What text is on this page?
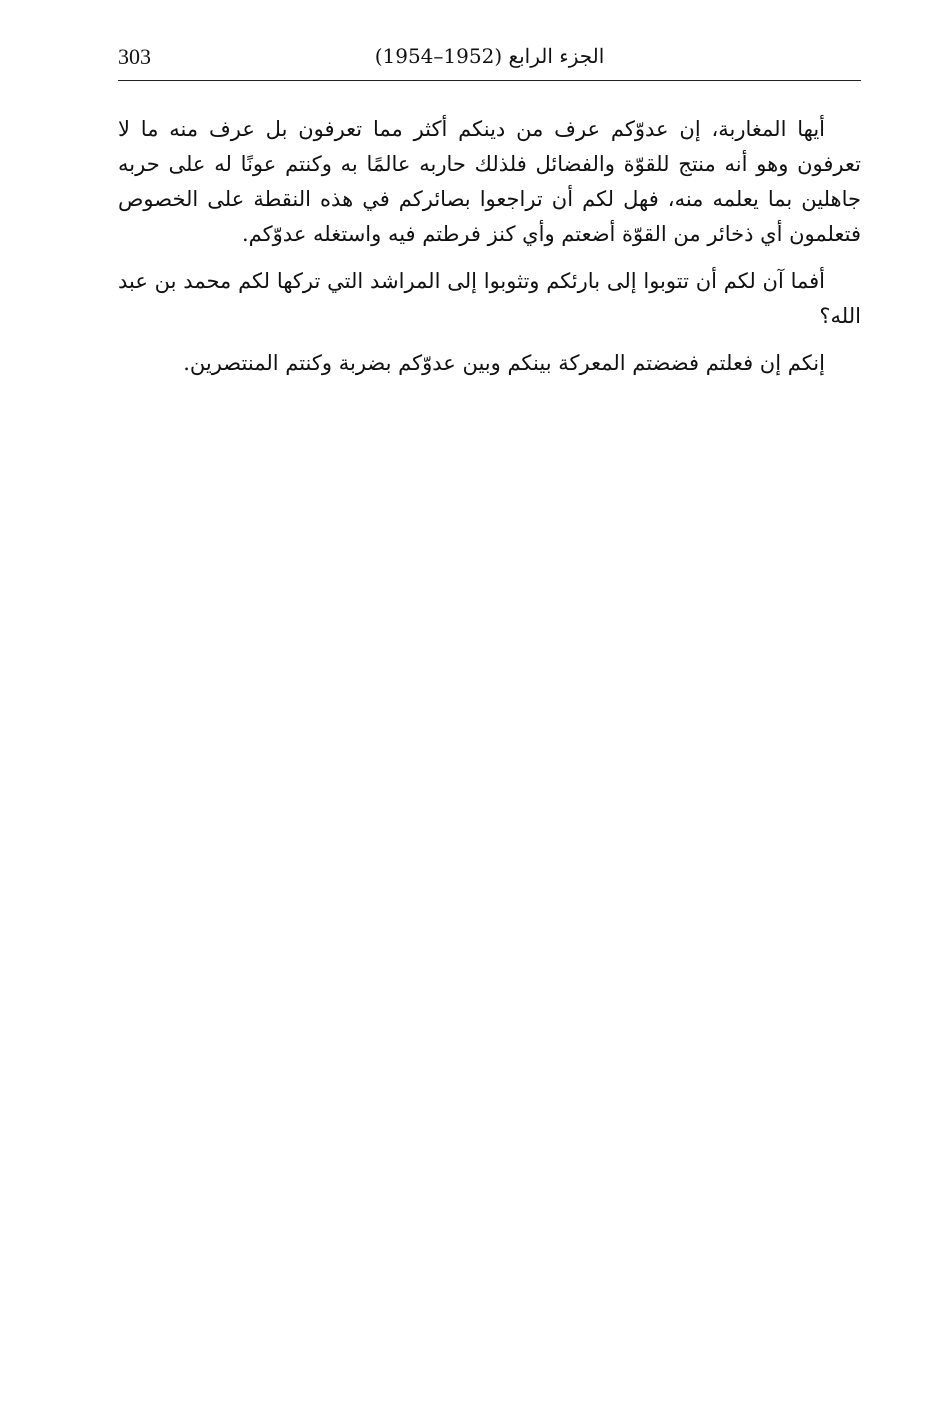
303	الجزء الرابع (1952–1954)

أيها المغاربة، إن عدوّكم عرف من دينكم أكثر مما تعرفون بل عرف منه ما لا تعرفون وهو أنه منتج للقوّة والفضائل فلذلك حاربه عالمًا به وكنتم عونًا له على حربه جاهلين بما يعلمه منه، فهل لكم أن تراجعوا بصائركم في هذه النقطة على الخصوص فتعلمون أي ذخائر من القوّة أضعتم وأي كنز فرطتم فيه واستغله عدوّكم.

أفما آن لكم أن تتوبوا إلى بارئكم وتثوبوا إلى المراشد التي تركها لكم محمد بن عبد الله؟

إنكم إن فعلتم فضضتم المعركة بينكم وبين عدوّكم بضربة وكنتم المنتصرين.
